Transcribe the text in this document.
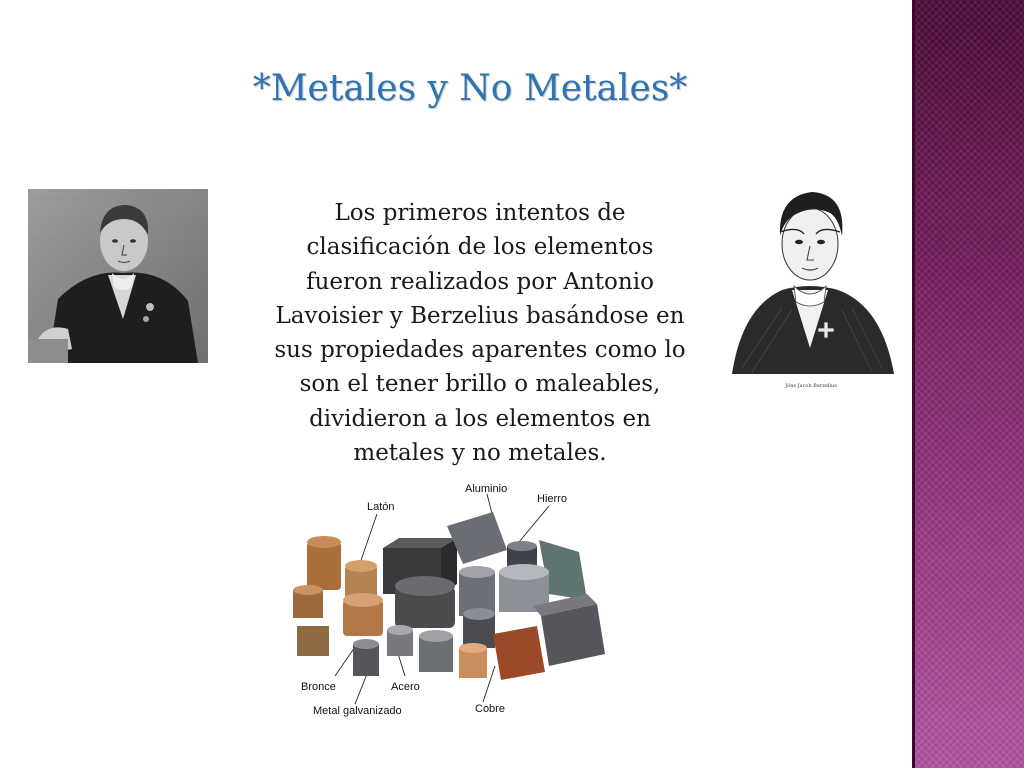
*Metales y No Metales*
Los primeros intentos de
clasificación de los elementos
fueron realizados por Antonio
Lavoisier y Berzelius basándose en
sus propiedades aparentes como lo
son el tener brillo o maleables,
dividieron a los elementos en
metales y no metales.
Jöns Jacob Berzelius
Latón
Aluminio
Hierro
Bronce	Acero
Metal galvanizado	Cobre
